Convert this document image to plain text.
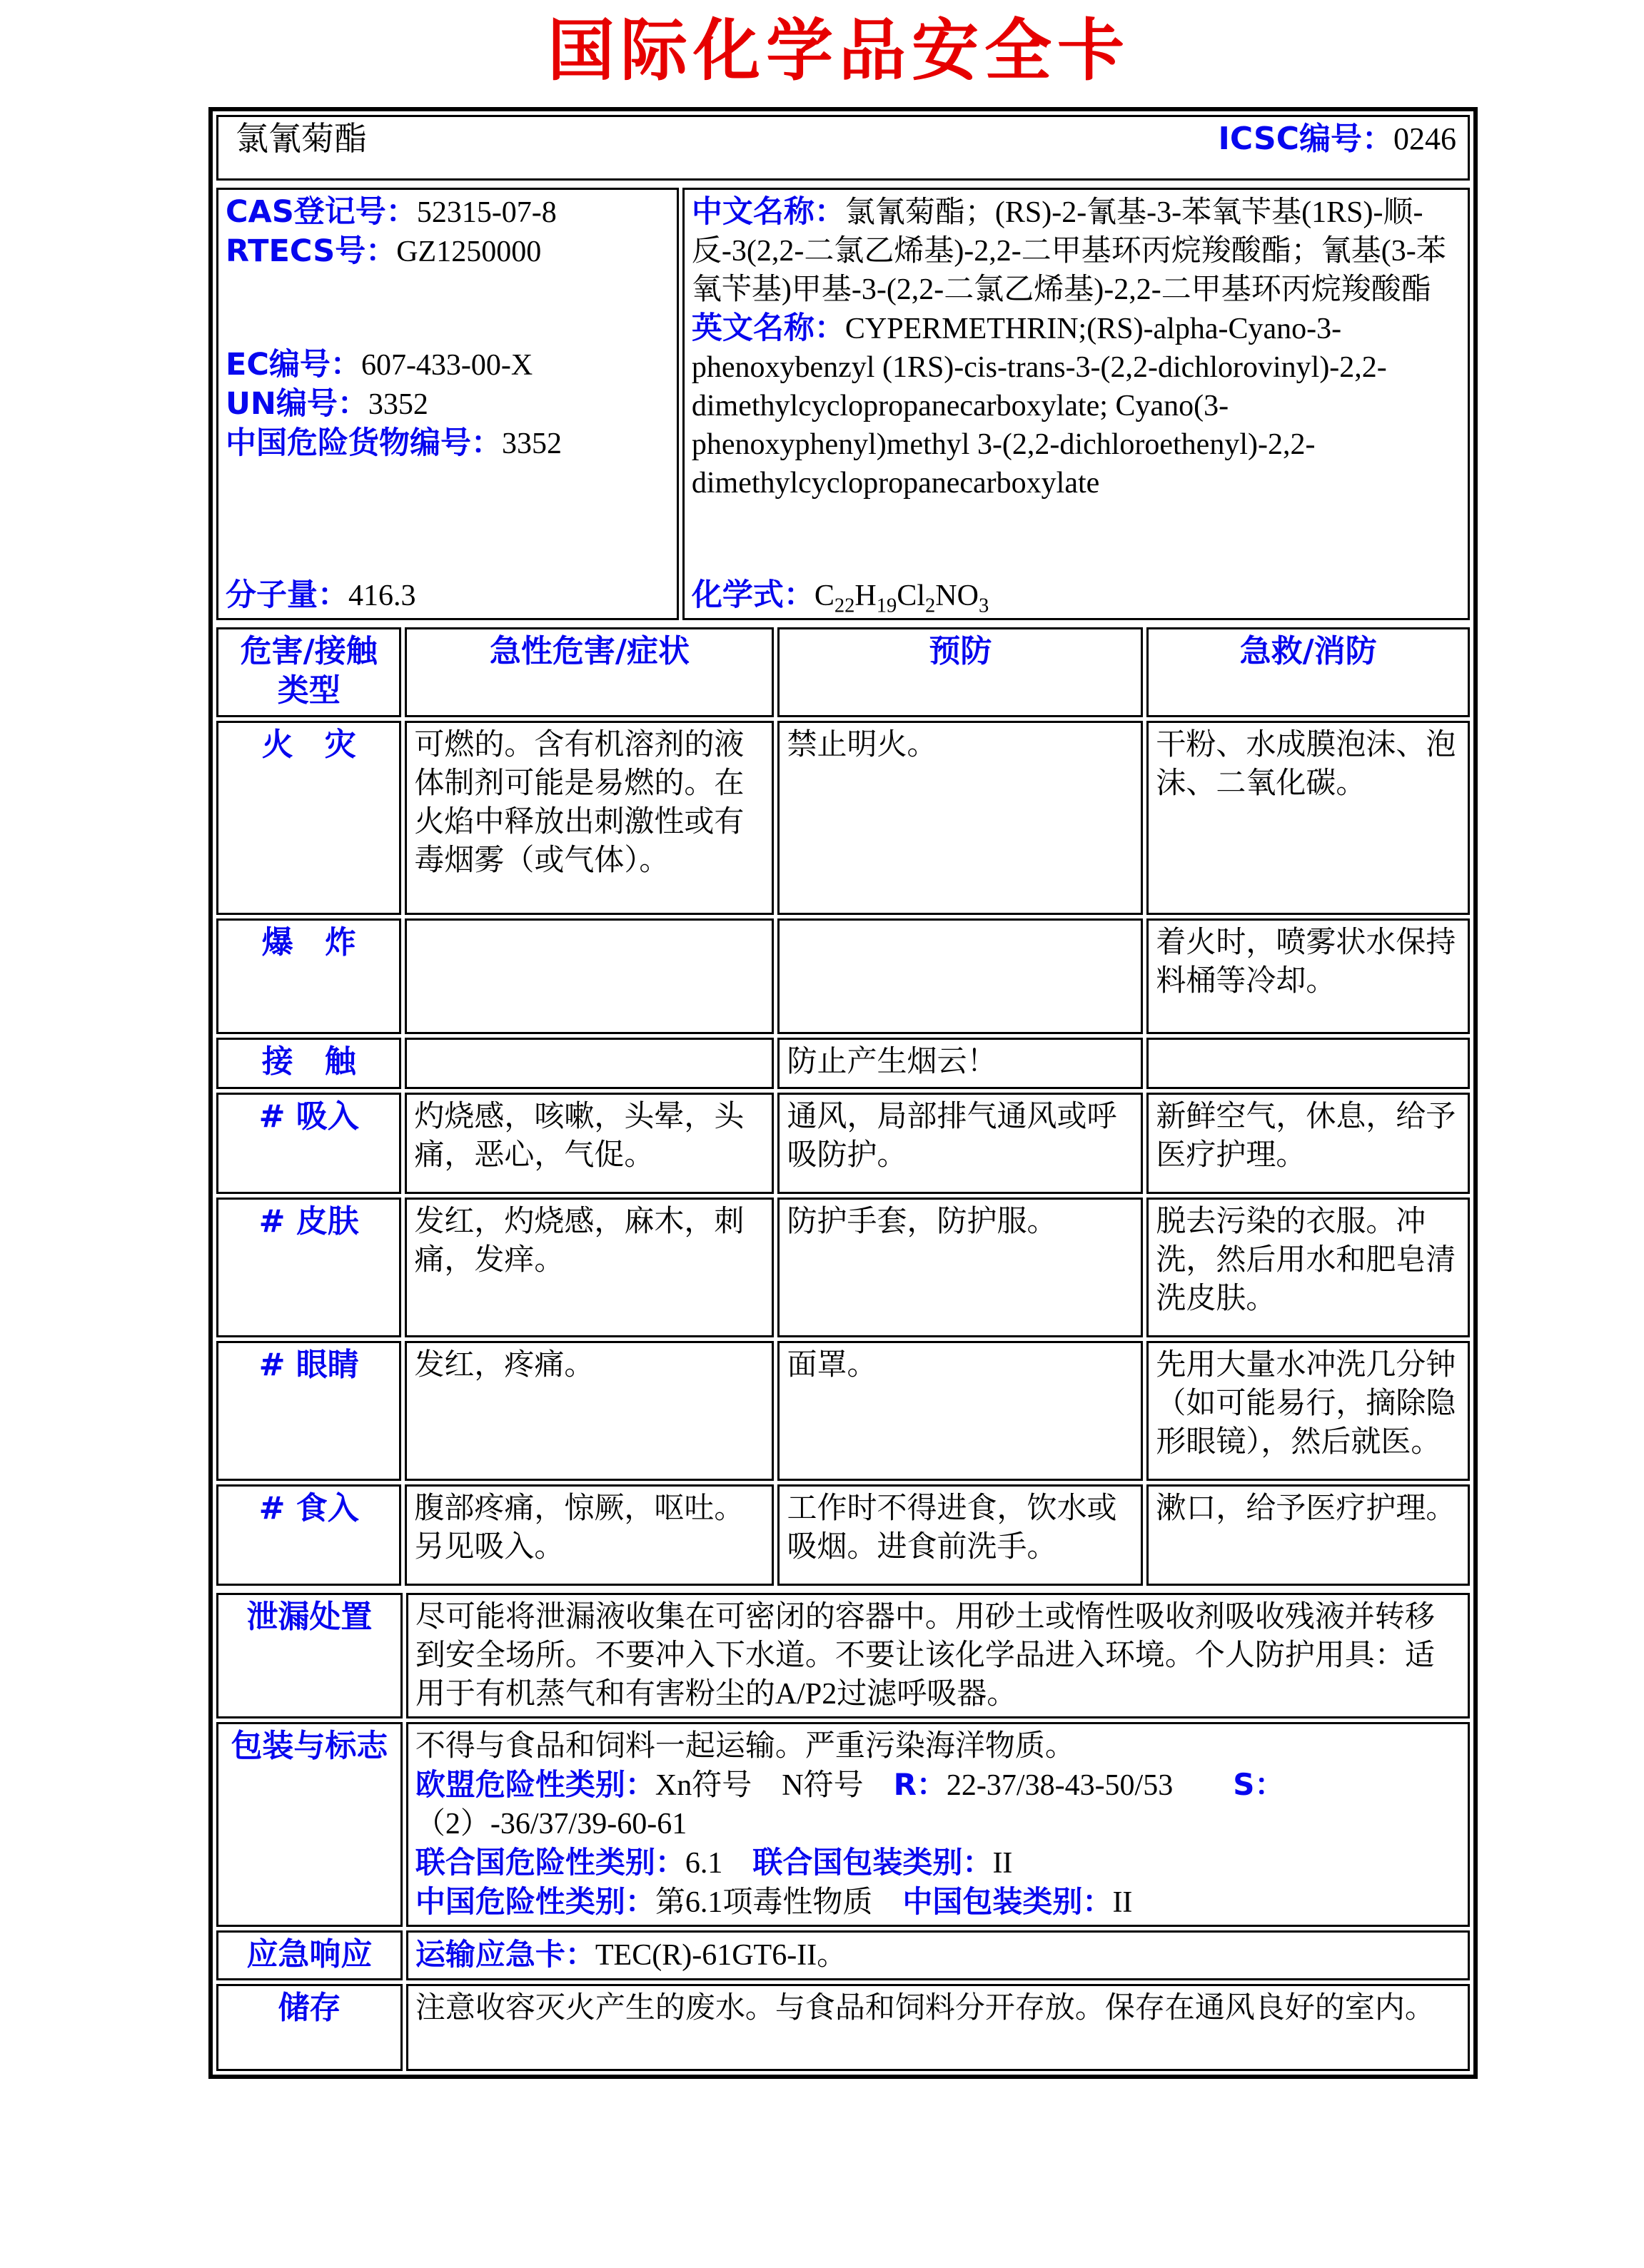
国际化学品安全卡
氯氰菊酯	ICSC编号：0246
CAS登记号：52315-07-8
RTECS号：GZ1250000
EC编号：607-433-00-X
UN编号：3352
中国危险货物编号：3352
分子量：416.3

中文名称：氯氰菊酯；(RS)-2-氰基-3-苯氧苄基(1RS)-顺-反-3(2,2-二氯乙烯基)-2,2-二甲基环丙烷羧酸酯；氰基(3-苯氧苄基)甲基-3-(2,2-二氯乙烯基)-2,2-二甲基环丙烷羧酸酯
英文名称：CYPERMETHRIN;(RS)-alpha-Cyano-3-phenoxybenzyl (1RS)-cis-trans-3-(2,2-dichlorovinyl)-2,2-dimethylcyclopropanecarboxylate; Cyano(3-phenoxyphenyl)methyl 3-(2,2-dichloroethenyl)-2,2-dimethylcyclopropanecarboxylate
化学式：$C_{22}H_{19}Cl_2NO_3$
危害/接触类型	急性危害/症状	预防	急救/消防
火　灾	可燃的。含有机溶剂的液体制剂可能是易燃的。在火焰中释放出刺激性或有毒烟雾（或气体）。	禁止明火。	干粉、水成膜泡沫、泡沫、二氧化碳。
爆　炸			着火时，喷雾状水保持料桶等冷却。
接　触		防止产生烟云！	
# 吸入	灼烧感，咳嗽，头晕，头痛，恶心，气促。	通风，局部排气通风或呼吸防护。	新鲜空气，休息，给予医疗护理。
# 皮肤	发红，灼烧感，麻木，刺痛，发痒。	防护手套，防护服。	脱去污染的衣服。冲洗，然后用水和肥皂清洗皮肤。
# 眼睛	发红，疼痛。	面罩。	先用大量水冲洗几分钟（如可能易行，摘除隐形眼镜），然后就医。
# 食入	腹部疼痛，惊厥，呕吐。另见吸入。	工作时不得进食，饮水或吸烟。进食前洗手。	漱口，给予医疗护理。
泄漏处置	尽可能将泄漏液收集在可密闭的容器中。用砂土或惰性吸收剂吸收残液并转移到安全场所。不要冲入下水道。不要让该化学品进入环境。个人防护用具：适用于有机蒸气和有害粉尘的A/P2过滤呼吸器。
包装与标志	不得与食品和饲料一起运输。严重污染海洋物质。
欧盟危险性类别：Xn符号　N符号　R：22-37/38-43-50/53　　S：
（2）-36/37/39-60-61
联合国危险性类别：6.1　联合国包装类别：II
中国危险性类别：第6.1项毒性物质　中国包装类别：II

应急响应	运输应急卡：TEC(R)-61GT6-II。
储存	注意收容灭火产生的废水。与食品和饲料分开存放。保存在通风良好的室内。
